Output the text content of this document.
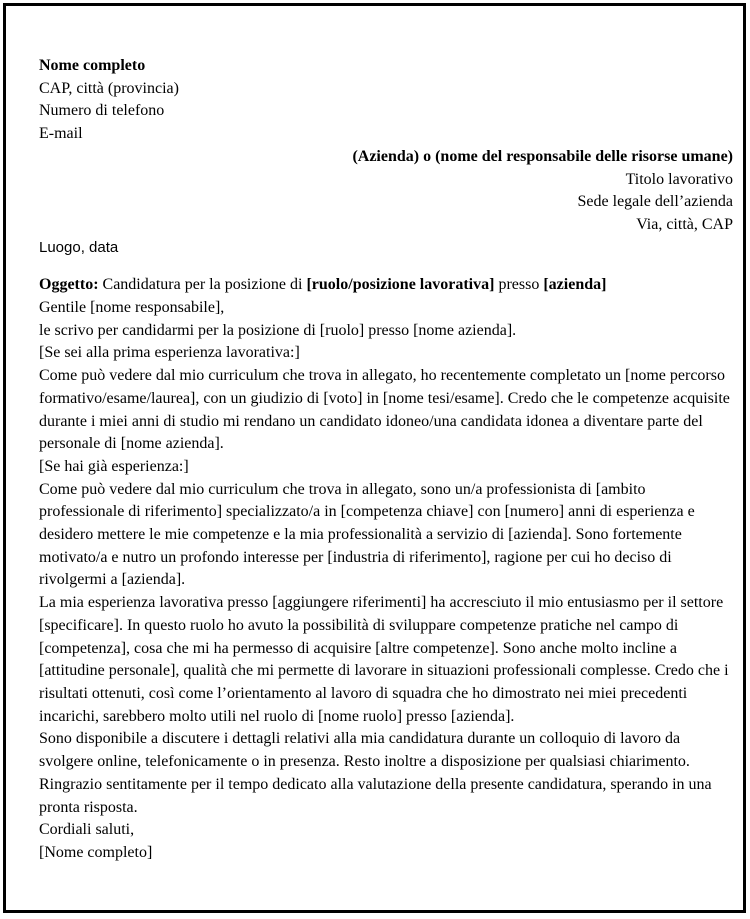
Nome completo
CAP, città (provincia)
Numero di telefono
E-mail
(Azienda) o (nome del responsabile delle risorse umane)
Titolo lavorativo
Sede legale dell’azienda
Via, città, CAP
Luogo, data
Oggetto: Candidatura per la posizione di [ruolo/posizione lavorativa] presso [azienda]
Gentile [nome responsabile],
le scrivo per candidarmi per la posizione di [ruolo] presso [nome azienda].
[Se sei alla prima esperienza lavorativa:]
Come può vedere dal mio curriculum che trova in allegato, ho recentemente completato un [nome percorso formativo/esame/laurea], con un giudizio di [voto] in [nome tesi/esame]. Credo che le competenze acquisite durante i miei anni di studio mi rendano un candidato idoneo/una candidata idonea a diventare parte del personale di [nome azienda].
[Se hai già esperienza:]
Come può vedere dal mio curriculum che trova in allegato, sono un/a professionista di [ambito professionale di riferimento] specializzato/a in [competenza chiave] con [numero] anni di esperienza e desidero mettere le mie competenze e la mia professionalità a servizio di [azienda]. Sono fortemente motivato/a e nutro un profondo interesse per [industria di riferimento], ragione per cui ho deciso di rivolgermi a [azienda].
La mia esperienza lavorativa presso [aggiungere riferimenti] ha accresciuto il mio entusiasmo per il settore [specificare]. In questo ruolo ho avuto la possibilità di sviluppare competenze pratiche nel campo di [competenza], cosa che mi ha permesso di acquisire [altre competenze]. Sono anche molto incline a [attitudine personale], qualità che mi permette di lavorare in situazioni professionali complesse. Credo che i risultati ottenuti, così come l’orientamento al lavoro di squadra che ho dimostrato nei miei precedenti incarichi, sarebbero molto utili nel ruolo di [nome ruolo] presso [azienda].
Sono disponibile a discutere i dettagli relativi alla mia candidatura durante un colloquio di lavoro da svolgere online, telefonicamente o in presenza. Resto inoltre a disposizione per qualsiasi chiarimento. Ringrazio sentitamente per il tempo dedicato alla valutazione della presente candidatura, sperando in una pronta risposta.
Cordiali saluti,
[Nome completo]
